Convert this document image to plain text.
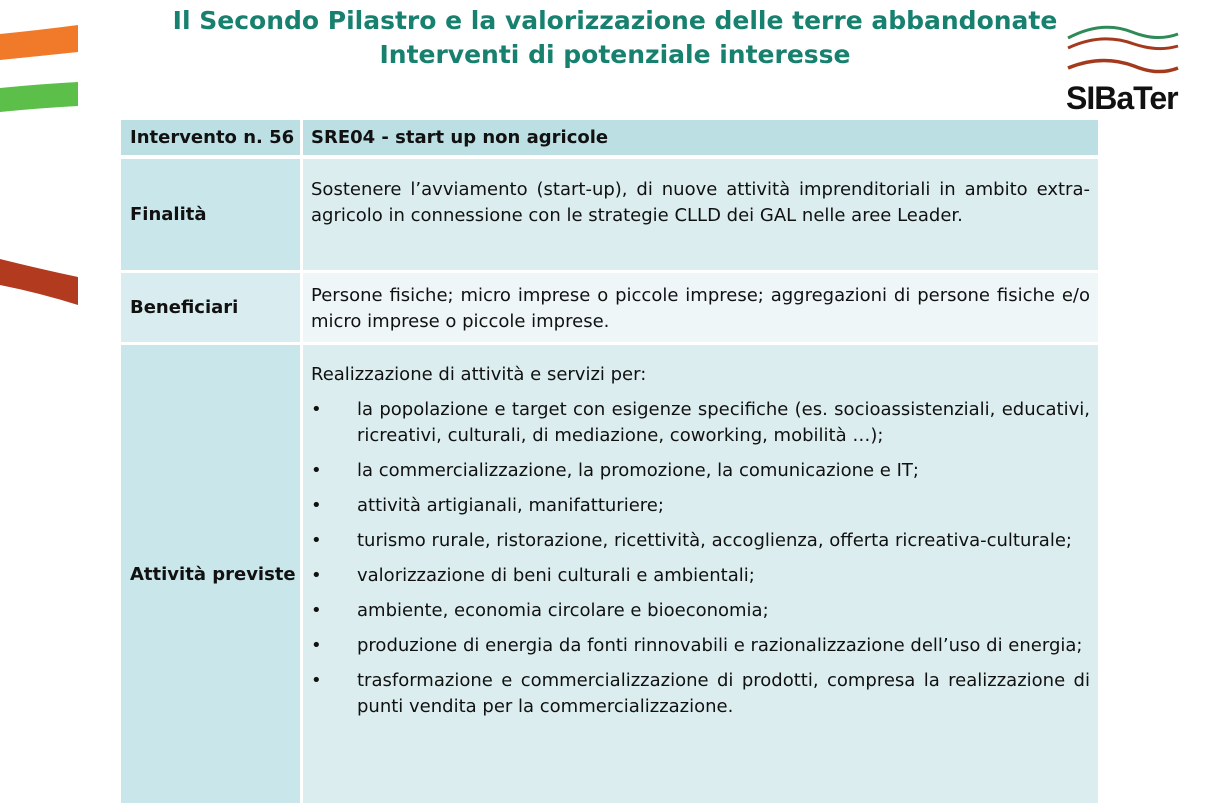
Il Secondo Pilastro e la valorizzazione delle terre abbandonate
Interventi di potenziale interesse
SIBaTer
Intervento n. 56 SRE04 - start up non agricole
Finalità
Sostenere l’avviamento (start-up), di nuove attività imprenditoriali in ambito extra-agricolo in connessione con le strategie CLLD dei GAL nelle aree Leader.
Beneficiari
Persone fisiche; micro imprese o piccole imprese; aggregazioni di persone fisiche e/o micro imprese o piccole imprese.
Attività previste
Realizzazione di attività e servizi per:
• la popolazione e target con esigenze specifiche (es. socioassistenziali, educativi, ricreativi, culturali, di mediazione, coworking, mobilità …);
• la commercializzazione, la promozione, la comunicazione e IT;
• attività artigianali, manifatturiere;
• turismo rurale, ristorazione, ricettività, accoglienza, offerta ricreativa-culturale;
• valorizzazione di beni culturali e ambientali;
• ambiente, economia circolare e bioeconomia;
• produzione di energia da fonti rinnovabili e razionalizzazione dell’uso di energia;
• trasformazione e commercializzazione di prodotti, compresa la realizzazione di punti vendita per la commercializzazione.
